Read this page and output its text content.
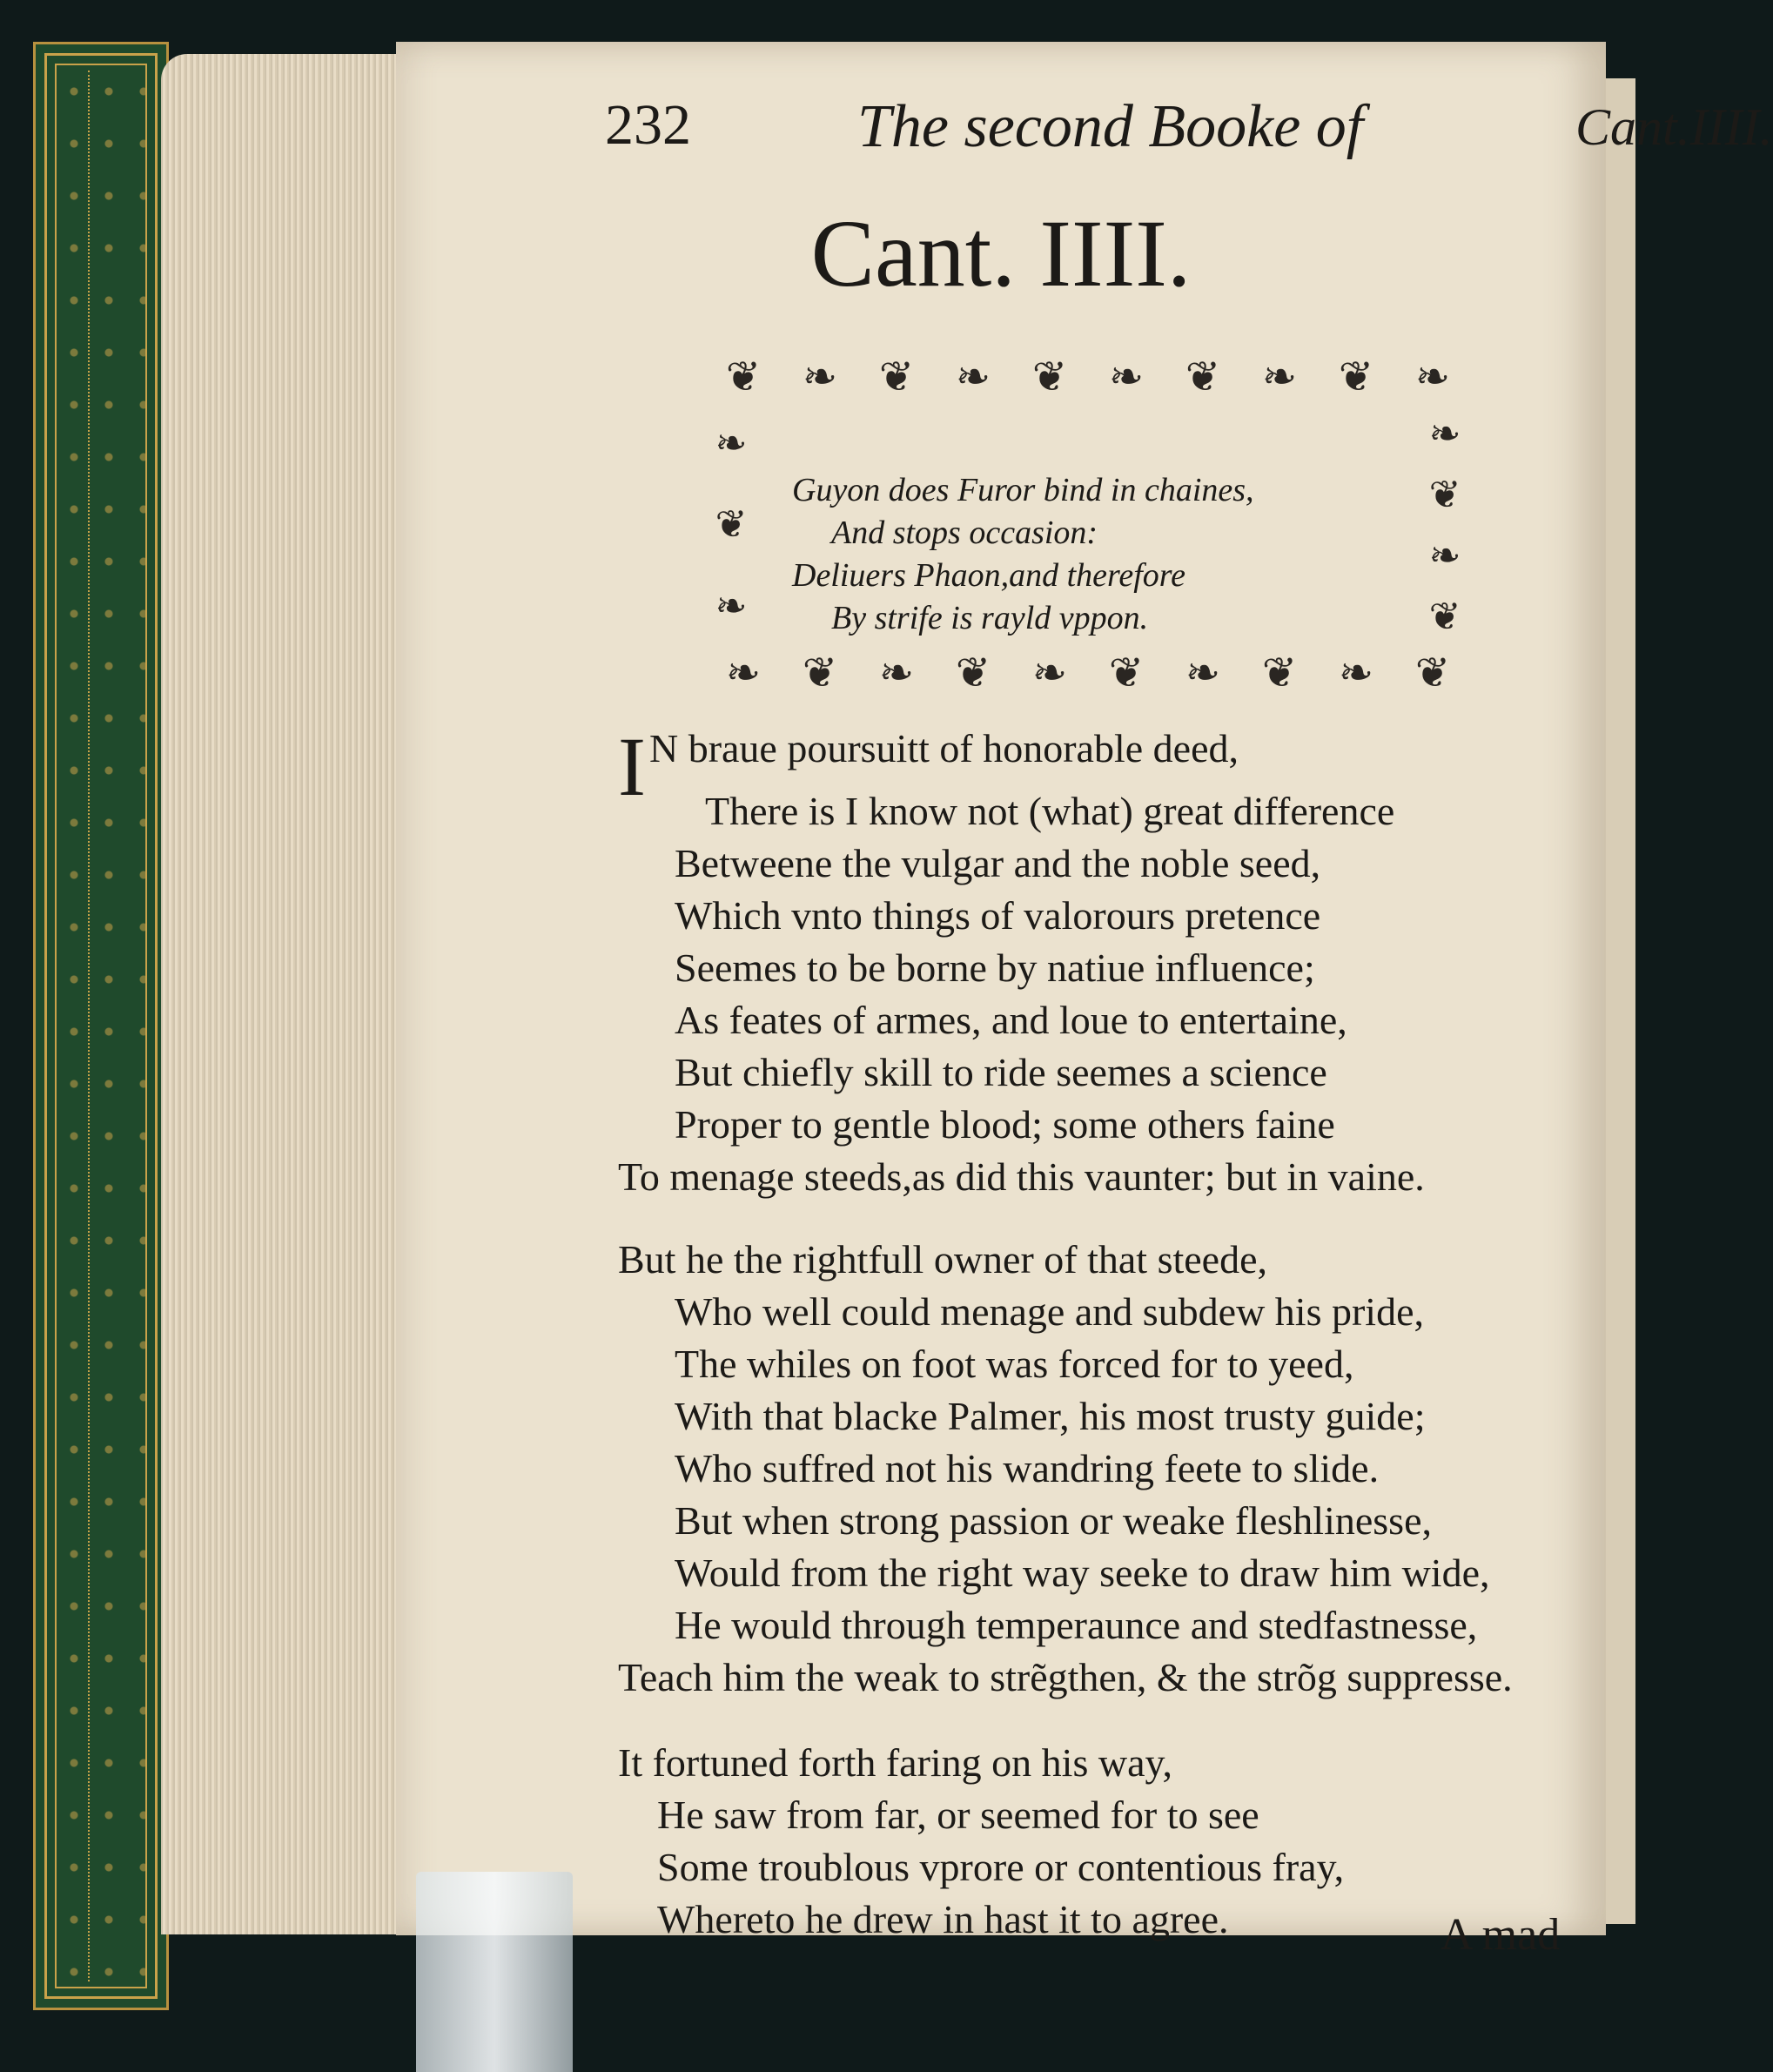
232	The second Booke of	Cant.IIII.
Cant. IIII.
❦ ❧ ❦ ❧ ❦ ❧ ❦ ❧ ❦ ❧
❧
❦
❧
❧
❦
❧
❦
❧ ❦ ❧ ❦ ❧ ❦ ❧ ❦ ❧ ❦
Guyon does Furor bind in chaines,
And stops occasion:
Deliuers Phaon,and therefore
By strife is rayld vppon.
IN braue poursuitt of honorable deed,
There is I know not (what) great difference
Betweene the vulgar and the noble seed,
Which vnto things of valorours pretence
Seemes to be borne by natiue influence;
As feates of armes, and loue to entertaine,
But chiefly skill to ride seemes a science
Proper to gentle blood; some others faine
To menage steeds,as did this vaunter; but in vaine.
But he the rightfull owner of that steede,
Who well could menage and subdew his pride,
The whiles on foot was forced for to yeed,
With that blacke Palmer, his most trusty guide;
Who suffred not his wandring feete to slide.
But when strong passion or weake fleshlinesse,
Would from the right way seeke to draw him wide,
He would through temperaunce and stedfastnesse,
Teach him the weak to strẽgthen, & the strõg suppresse.
It fortuned forth faring on his way,
He saw from far, or seemed for to see
Some troublous vprore or contentious fray,
Whereto he drew in hast it to agree.	A mad
